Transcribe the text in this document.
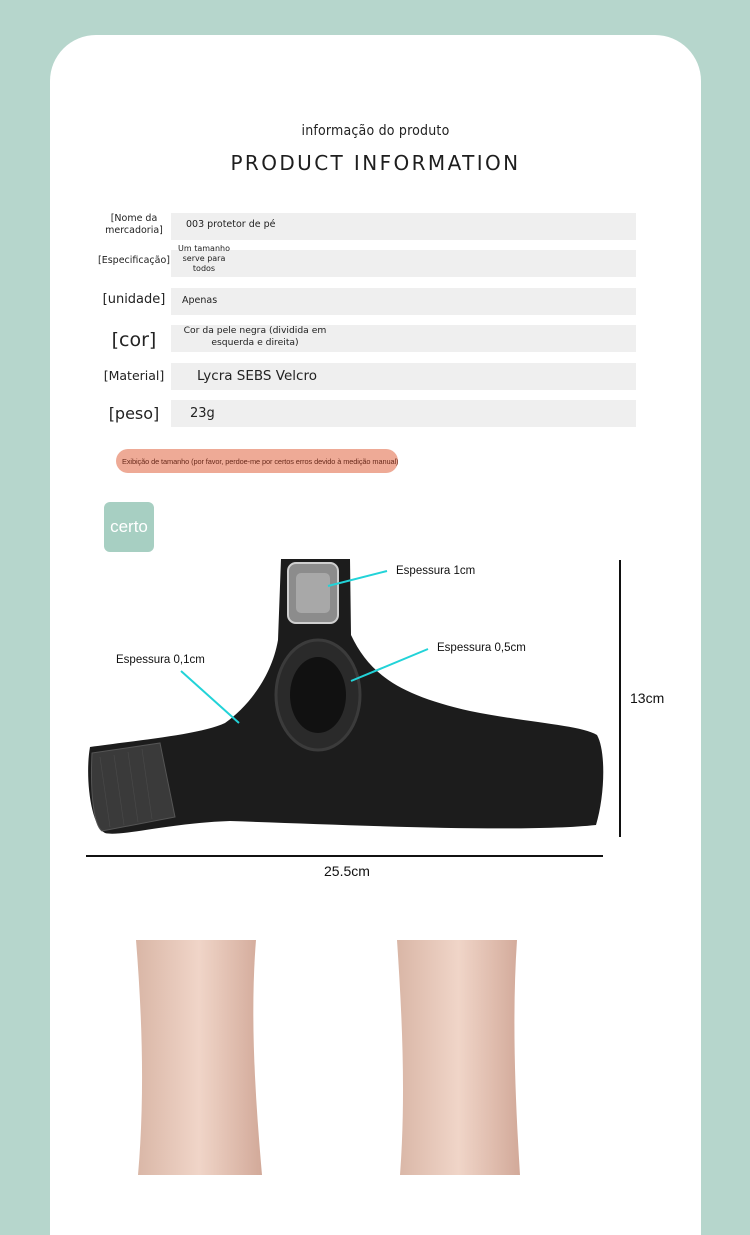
informação do produto
PRODUCT INFORMATION
[Nome da mercadoria]
003 protetor de pé
[Especificação]
Um tamanho serve para todos
[unidade] Apenas
[cor]	Cor da pele negra (dividida em esquerda e direita)
[Material] Lycra SEBS Velcro
[peso]	23g
Exibição de tamanho (por favor, perdoe-me por certos erros devido à medição manual)
certo
Espessura 1cm
Espessura 0,5cm
Espessura 0,1cm
13cm
25.5cm
